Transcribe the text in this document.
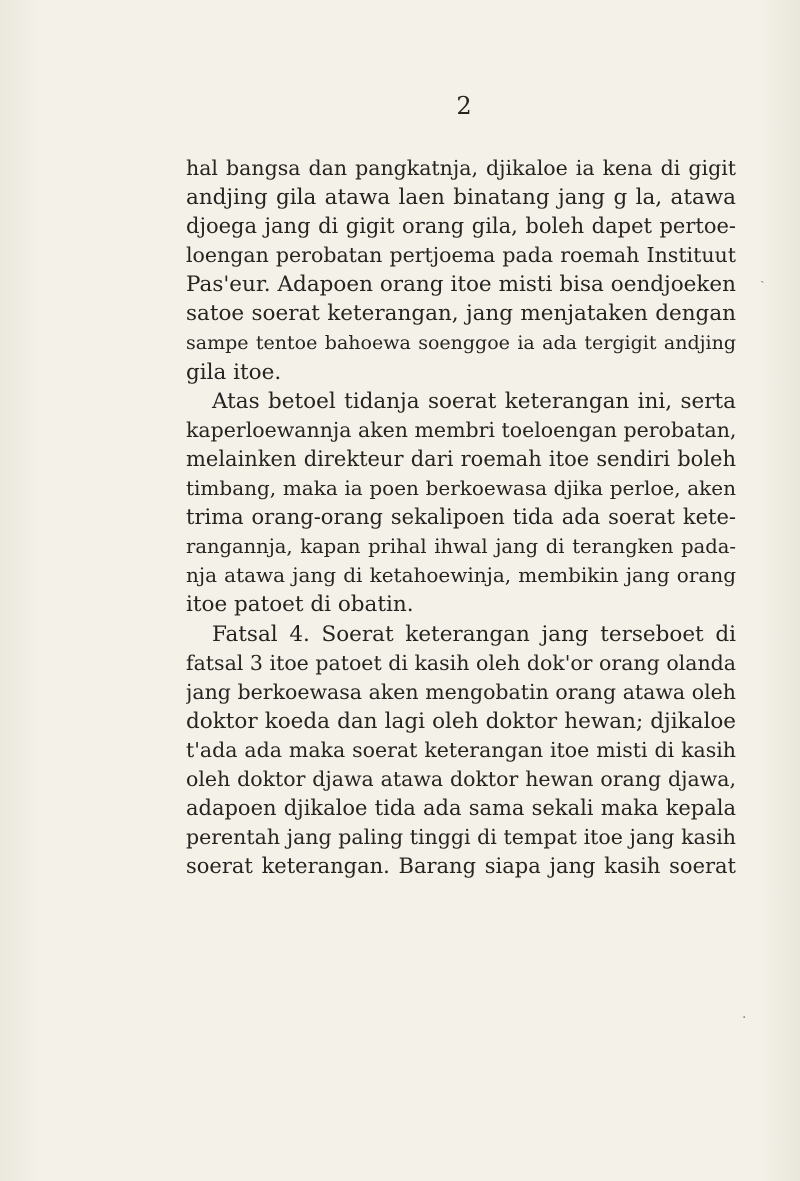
2
hal bangsa dan pangkatnja, djikaloe ia kena di gigit
andjing gila atawa laen binatang jang g la, atawa
djoega jang di gigit orang gila, boleh dapet pertoe-
loengan perobatan pertjoema pada roemah Instituut
Pas'eur. Adapoen orang itoe misti bisa oendjoeken
satoe soerat keterangan, jang menjataken dengan
sampe tentoe bahoewa soenggoe ia ada tergigit andjing
gila itoe.
Atas betoel tidanja soerat keterangan ini, serta
kaperloewannja aken membri toeloengan perobatan,
melainken direkteur dari roemah itoe sendiri boleh
timbang, maka ia poen berkoewasa djika perloe, aken
trima orang-orang sekalipoen tida ada soerat kete-
rangannja, kapan prihal ihwal jang di terangken pada-
nja atawa jang di ketahoewinja, membikin jang orang
itoe patoet di obatin.
Fatsal 4. Soerat keterangan jang terseboet di
fatsal 3 itoe patoet di kasih oleh dok'or orang olanda
jang berkoewasa aken mengobatin orang atawa oleh
doktor koeda dan lagi oleh doktor hewan; djikaloe
t'ada ada maka soerat keterangan itoe misti di kasih
oleh doktor djawa atawa doktor hewan orang djawa,
adapoen djikaloe tida ada sama sekali maka kepala
perentah jang paling tinggi di tempat itoe jang kasih
soerat keterangan. Barang siapa jang kasih soerat
ˏ
·
